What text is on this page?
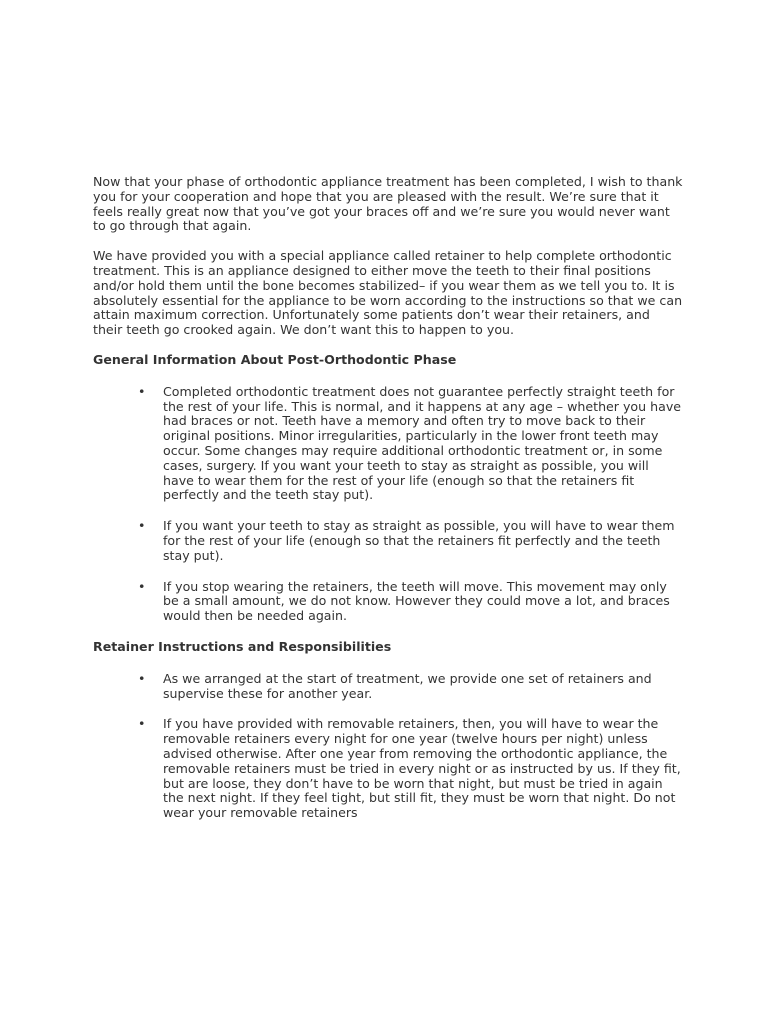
Now that your phase of orthodontic appliance treatment has been completed, I wish to thank you for your cooperation and hope that you are pleased with the result. We’re sure that it feels really great now that you’ve got your braces off and we’re sure you would never want to go through that again.

We have provided you with a special appliance called retainer to help complete orthodontic treatment. This is an appliance designed to either move the teeth to their final positions and/or hold them until the bone becomes stabilized– if you wear them as we tell you to. It is absolutely essential for the appliance to be worn according to the instructions so that we can attain maximum correction. Unfortunately some patients don’t wear their retainers, and their teeth go crooked again. We don’t want this to happen to you.

General Information About Post-Orthodontic Phase
• Completed orthodontic treatment does not guarantee perfectly straight teeth for the rest of your life. This is normal, and it happens at any age – whether you have had braces or not. Teeth have a memory and often try to move back to their original positions. Minor irregularities, particularly in the lower front teeth may occur. Some changes may require additional orthodontic treatment or, in some cases, surgery. If you want your teeth to stay as straight as possible, you will have to wear them for the rest of your life (enough so that the retainers fit perfectly and the teeth stay put).
• If you want your teeth to stay as straight as possible, you will have to wear them for the rest of your life (enough so that the retainers fit perfectly and the teeth stay put).
• If you stop wearing the retainers, the teeth will move. This movement may only be a small amount, we do not know. However they could move a lot, and braces would then be needed again.
Retainer Instructions and Responsibilities
• As we arranged at the start of treatment, we provide one set of retainers and supervise these for another year.
• If you have provided with removable retainers, then, you will have to wear the removable retainers every night for one year (twelve hours per night) unless advised otherwise. After one year from removing the orthodontic appliance, the removable retainers must be tried in every night or as instructed by us. If they fit, but are loose, they don’t have to be worn that night, but must be tried in again the next night. If they feel tight, but still fit, they must be worn that night. Do not wear your removable retainers
